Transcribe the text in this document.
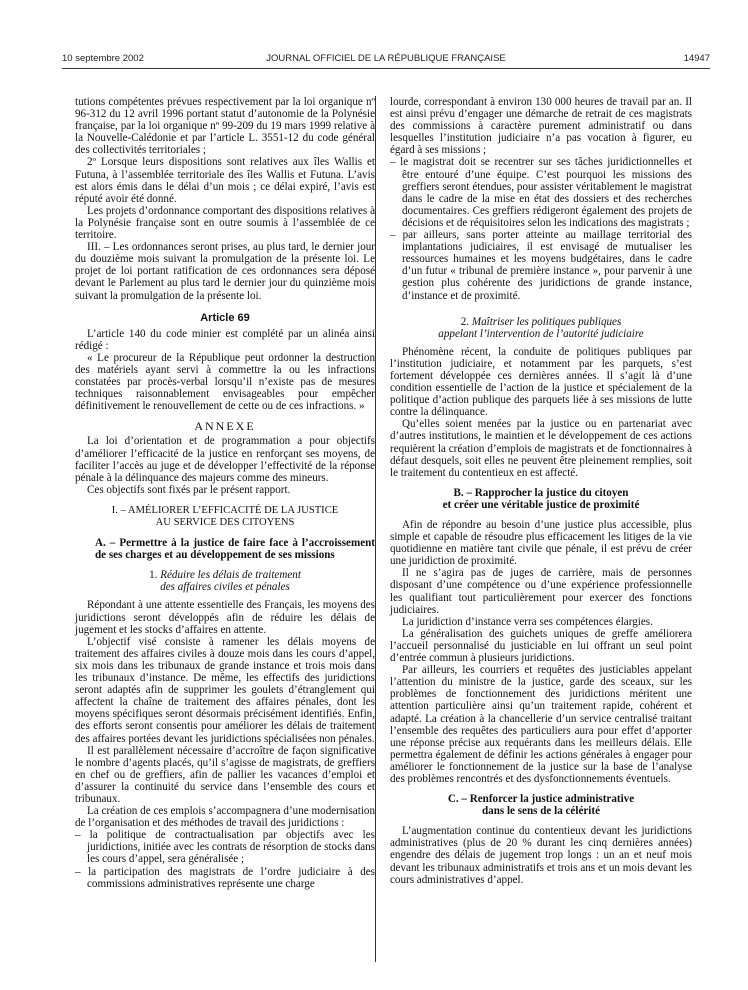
10 septembre 2002	JOURNAL OFFICIEL DE LA RÉPUBLIQUE FRANÇAISE	14947

tutions compétentes prévues respectivement par la loi organique nº 96-312 du 12 avril 1996 portant statut d’autonomie de la Polynésie française, par la loi organique nº 99-209 du 19 mars 1999 relative à la Nouvelle-Calédonie et par l’article L. 3551-12 du code général des collectivités territoriales ;

2º Lorsque leurs dispositions sont relatives aux îles Wallis et Futuna, à l’assemblée territoriale des îles Wallis et Futuna. L’avis est alors émis dans le délai d’un mois ; ce délai expiré, l’avis est réputé avoir été donné.

Les projets d’ordonnance comportant des dispositions relatives à la Polynésie française sont en outre soumis à l’assemblée de ce territoire.

III. – Les ordonnances seront prises, au plus tard, le dernier jour du douzième mois suivant la promulgation de la présente loi. Le projet de loi portant ratification de ces ordonnances sera déposé devant le Parlement au plus tard le dernier jour du quinzième mois suivant la promulgation de la présente loi.

Article 69

L’article 140 du code minier est complété par un alinéa ainsi rédigé :

« Le procureur de la République peut ordonner la destruction des matériels ayant servi à commettre la ou les infractions constatées par procès-verbal lorsqu’il n’existe pas de mesures techniques raisonnablement envisageables pour empêcher définitivement le renouvellement de cette ou de ces infractions. »

ANNEXE

La loi d’orientation et de programmation a pour objectifs d’améliorer l’efficacité de la justice en renforçant ses moyens, de faciliter l’accès au juge et de développer l’effectivité de la réponse pénale à la délinquance des majeurs comme des mineurs.

Ces objectifs sont fixés par le présent rapport.

I. – AMÉLIORER L’EFFICACITÉ DE LA JUSTICE
AU SERVICE DES CITOYENS
A. – Permettre à la justice de faire face à l’accroissement de ses charges et au développement de ses missions
1. Réduire les délais de traitement
des affaires civiles et pénales

Répondant à une attente essentielle des Français, les moyens des juridictions seront développés afin de réduire les délais de jugement et les stocks d’affaires en attente.

L’objectif visé consiste à ramener les délais moyens de traitement des affaires civiles à douze mois dans les cours d’appel, six mois dans les tribunaux de grande instance et trois mois dans les tribunaux d’instance. De même, les effectifs des juridictions seront adaptés afin de supprimer les goulets d’étranglement qui affectent la chaîne de traitement des affaires pénales, dont les moyens spécifiques seront désormais précisément identifiés. Enfin, des efforts seront consentis pour améliorer les délais de traitement des affaires portées devant les juridictions spécialisées non pénales.

Il est parallèlement nécessaire d’accroître de façon significative le nombre d’agents placés, qu’il s’agisse de magistrats, de greffiers en chef ou de greffiers, afin de pallier les vacances d’emploi et d’assurer la continuité du service dans l’ensemble des cours et tribunaux.

La création de ces emplois s’accompagnera d’une modernisation de l’organisation et des méthodes de travail des juridictions :

– la politique de contractualisation par objectifs avec les juridictions, initiée avec les contrats de résorption de stocks dans les cours d’appel, sera généralisée ;
– la participation des magistrats de l’ordre judiciaire à des commissions administratives représente une charge

lourde, correspondant à environ 130 000 heures de travail par an. Il est ainsi prévu d’engager une démarche de retrait de ces magistrats des commissions à caractère purement administratif ou dans lesquelles l’institution judiciaire n’a pas vocation à figurer, eu égard à ses missions ;

– le magistrat doit se recentrer sur ses tâches juridictionnelles et être entouré d’une équipe. C’est pourquoi les missions des greffiers seront étendues, pour assister véritablement le magistrat dans le cadre de la mise en état des dossiers et des recherches documentaires. Ces greffiers rédigeront également des projets de décisions et de réquisitoires selon les indications des magistrats ;
– par ailleurs, sans porter atteinte au maillage territorial des implantations judiciaires, il est envisagé de mutualiser les ressources humaines et les moyens budgétaires, dans le cadre d’un futur « tribunal de première instance », pour parvenir à une gestion plus cohérente des juridictions de grande instance, d’instance et de proximité.
2. Maîtriser les politiques publiques
appelant l’intervention de l’autorité judiciaire

Phénomène récent, la conduite de politiques publiques par l’institution judiciaire, et notamment par les parquets, s’est fortement développée ces dernières années. Il s’agit là d’une condition essentielle de l’action de la justice et spécialement de la politique d’action publique des parquets liée à ses missions de lutte contre la délinquance.

Qu’elles soient menées par la justice ou en partenariat avec d’autres institutions, le maintien et le développement de ces actions requièrent la création d’emplois de magistrats et de fonctionnaires à défaut desquels, soit elles ne peuvent être pleinement remplies, soit le traitement du contentieux en est affecté.

B. – Rapprocher la justice du citoyen
et créer une véritable justice de proximité

Afin de répondre au besoin d’une justice plus accessible, plus simple et capable de résoudre plus efficacement les litiges de la vie quotidienne en matière tant civile que pénale, il est prévu de créer une juridiction de proximité.

Il ne s’agira pas de juges de carrière, mais de personnes disposant d’une compétence ou d’une expérience professionnelle les qualifiant tout particulièrement pour exercer des fonctions judiciaires.

La juridiction d’instance verra ses compétences élargies.

La généralisation des guichets uniques de greffe améliorera l’accueil personnalisé du justiciable en lui offrant un seul point d’entrée commun à plusieurs juridictions.

Par ailleurs, les courriers et requêtes des justiciables appelant l’attention du ministre de la justice, garde des sceaux, sur les problèmes de fonctionnement des juridictions méritent une attention particulière ainsi qu’un traitement rapide, cohérent et adapté. La création à la chancellerie d’un service centralisé traitant l’ensemble des requêtes des particuliers aura pour effet d’apporter une réponse précise aux requérants dans les meilleurs délais. Elle permettra également de définir les actions générales à engager pour améliorer le fonctionnement de la justice sur la base de l’analyse des problèmes rencontrés et des dysfonctionnements éventuels.

C. – Renforcer la justice administrative
dans le sens de la célérité

L’augmentation continue du contentieux devant les juridictions administratives (plus de 20 % durant les cinq dernières années) engendre des délais de jugement trop longs : un an et neuf mois devant les tribunaux administratifs et trois ans et un mois devant les cours administratives d’appel.
